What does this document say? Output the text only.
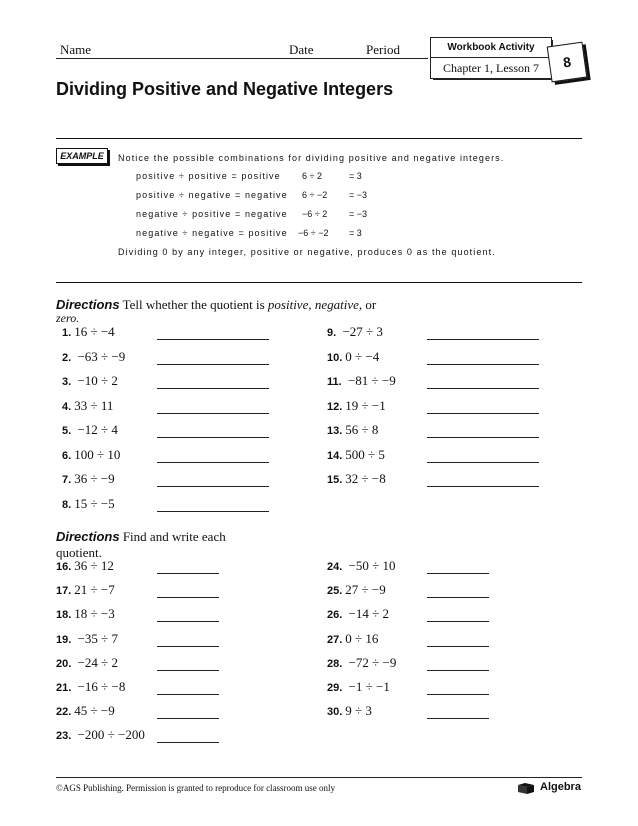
Name	Date	Period	Workbook Activity
Chapter 1, Lesson 7	8
Dividing Positive and Negative Integers
EXAMPLE	Notice the possible combinations for dividing positive and negative integers.
positive ÷ positive = positive 6 ÷ 2	= 3
positive ÷ negative = negative 6 ÷ −2 = −3
negative ÷ positive = negative −6 ÷ 2 = −3
negative ÷ negative = positive −6 ÷ −2 = 3
Dividing 0 by any integer, positive or negative, produces 0 as the quotient.
Directions Tell whether the quotient is positive, negative, or
zero.
1. 16 ÷ −4
2. −63 ÷ −9
3. −10 ÷ 2
4. 33 ÷ 11
5. −12 ÷ 4
6. 100 ÷ 10
7. 36 ÷ −9
8. 15 ÷ −5
9. −27 ÷ 3
10. 0 ÷ −4
11. −81 ÷ −9
12. 19 ÷ −1
13. 56 ÷ 8
14. 500 ÷ 5
15. 32 ÷ −8
Directions Find and write each
quotient.
16. 36 ÷ 12
17. 21 ÷ −7
18. 18 ÷ −3
19. −35 ÷ 7
20. −24 ÷ 2
21. −16 ÷ −8
22. 45 ÷ −9
23. −200 ÷ −200
24. −50 ÷ 10
25. 27 ÷ −9
26. −14 ÷ 2
27. 0 ÷ 16
28. −72 ÷ −9
29. −1 ÷ −1
30. 9 ÷ 3
©AGS Publishing. Permission is granted to reproduce for classroom use only	Algebra
